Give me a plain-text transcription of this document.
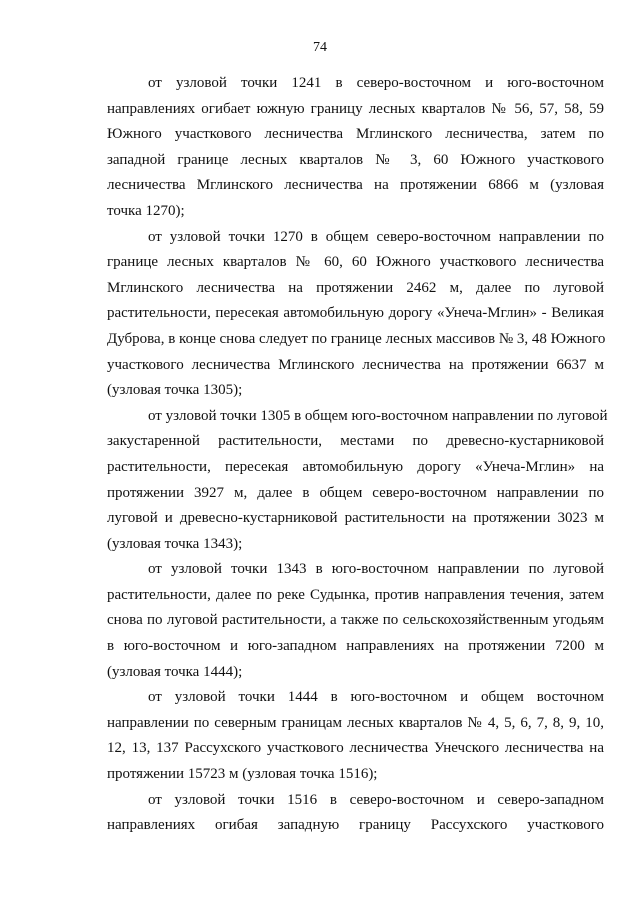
74

от узловой точки 1241 в северо-восточном и юго-восточном
направлениях огибает южную границу лесных кварталов № 56, 57, 58, 59
Южного участкового лесничества Мглинского лесничества, затем по
западной границе лесных кварталов № 3, 60 Южного участкового
лесничества Мглинского лесничества на протяжении 6866 м (узловая
точка 1270);

от узловой точки 1270 в общем северо-восточном направлении по
границе лесных кварталов № 60, 60 Южного участкового лесничества
Мглинского лесничества на протяжении 2462 м, далее по луговой
растительности, пересекая автомобильную дорогу «Унеча-Мглин» - Великая
Дуброва, в конце снова следует по границе лесных массивов № 3, 48 Южного
участкового лесничества Мглинского лесничества на протяжении 6637 м
(узловая точка 1305);

от узловой точки 1305 в общем юго-восточном направлении по луговой
закустаренной растительности, местами по древесно-кустарниковой
растительности, пересекая автомобильную дорогу «Унеча-Мглин» на
протяжении 3927 м, далее в общем северо-восточном направлении по
луговой и древесно-кустарниковой растительности на протяжении 3023 м
(узловая точка 1343);

от узловой точки 1343 в юго-восточном направлении по луговой
растительности, далее по реке Судынка, против направления течения, затем
снова по луговой растительности, а также по сельскохозяйственным угодьям
в юго-восточном и юго-западном направлениях на протяжении 7200 м
(узловая точка 1444);

от узловой точки 1444 в юго-восточном и общем восточном
направлении по северным границам лесных кварталов № 4, 5, 6, 7, 8, 9, 10,
12, 13, 137 Рассухского участкового лесничества Унечского лесничества на
протяжении 15723 м (узловая точка 1516);

от узловой точки 1516 в северо-восточном и северо-западном
направлениях огибая западную границу Рассухского участкового
